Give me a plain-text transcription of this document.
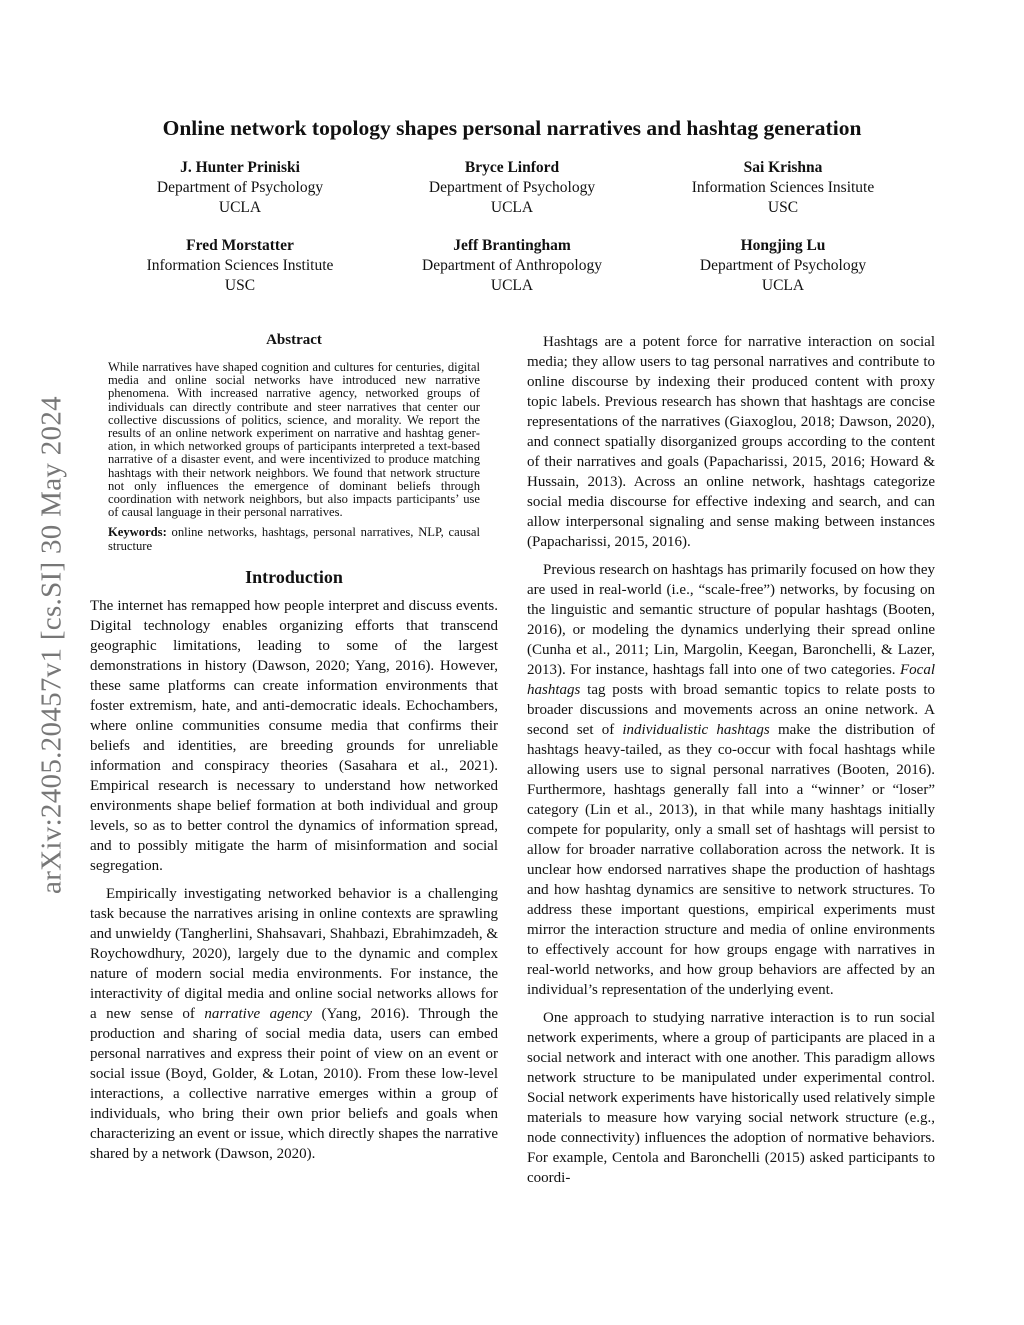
Online network topology shapes personal narratives and hashtag generation
J. Hunter Priniski
Department of Psychology
UCLA
Bryce Linford
Department of Psychology
UCLA
Sai Krishna
Information Sciences Insitute
USC
Fred Morstatter
Information Sciences Institute
USC
Jeff Brantingham
Department of Anthropology
UCLA
Hongjing Lu
Department of Psychology
UCLA
arXiv:2405.20457v1 [cs.SI] 30 May 2024
Abstract
While narratives have shaped cognition and cultures for centuries, digital media and online social networks have introduced new narrative phenomena. With increased narrative agency, networked groups of individuals can directly contribute and steer narratives that center our collective discussions of politics, science, and morality. We report the results of an online network experiment on narrative and hashtag generation, in which networked groups of participants interpreted a text-based narrative of a disaster event, and were incentivized to produce matching hashtags with their network neighbors. We found that network structure not only influences the emergence of dominant beliefs through coordination with network neighbors, but also impacts participants’ use of causal language in their personal narratives.
Keywords: online networks, hashtags, personal narratives, NLP, causal structure
Introduction

The internet has remapped how people interpret and discuss events. Digital technology enables organizing efforts that transcend geographic limitations, leading to some of the largest demonstrations in history (Dawson, 2020; Yang, 2016). However, these same platforms can create information environments that foster extremism, hate, and anti-democratic ideals. Echochambers, where online communities consume media that confirms their beliefs and identities, are breeding grounds for unreliable information and conspiracy theories (Sasahara et al., 2021). Empirical research is necessary to understand how networked environments shape belief formation at both individual and group levels, so as to better control the dynamics of information spread, and to possibly mitigate the harm of misinformation and social segregation.

Empirically investigating networked behavior is a challenging task because the narratives arising in online contexts are sprawling and unwieldy (Tangherlini, Shahsavari, Shahbazi, Ebrahimzadeh, & Roychowdhury, 2020), largely due to the dynamic and complex nature of modern social media environments. For instance, the interactivity of digital media and online social networks allows for a new sense of narrative agency (Yang, 2016). Through the production and sharing of social media data, users can embed personal narratives and express their point of view on an event or social issue (Boyd, Golder, & Lotan, 2010). From these low-level interactions, a collective narrative emerges within a group of individuals, who bring their own prior beliefs and goals when characterizing an event or issue, which directly shapes the narrative shared by a network (Dawson, 2020).

Hashtags are a potent force for narrative interaction on social media; they allow users to tag personal narratives and contribute to online discourse by indexing their produced content with proxy topic labels. Previous research has shown that hashtags are concise representations of the narratives (Giaxoglou, 2018; Dawson, 2020), and connect spatially disorganized groups according to the content of their narratives and goals (Papacharissi, 2015, 2016; Howard & Hussain, 2013). Across an online network, hashtags categorize social media discourse for effective indexing and search, and can allow interpersonal signaling and sense making between instances (Papacharissi, 2015, 2016).

Previous research on hashtags has primarily focused on how they are used in real-world (i.e., “scale-free”) networks, by focusing on the linguistic and semantic structure of popular hashtags (Booten, 2016), or modeling the dynamics underlying their spread online (Cunha et al., 2011; Lin, Margolin, Keegan, Baronchelli, & Lazer, 2013). For instance, hashtags fall into one of two categories. Focal hashtags tag posts with broad semantic topics to relate posts to broader discussions and movements across an onine network. A second set of individualistic hashtags make the distribution of hashtags heavy-tailed, as they co-occur with focal hashtags while allowing users use to signal personal narratives (Booten, 2016). Furthermore, hashtags generally fall into a “winner’ or “loser” category (Lin et al., 2013), in that while many hashtags initially compete for popularity, only a small set of hashtags will persist to allow for broader narrative collaboration across the network. It is unclear how endorsed narratives shape the production of hashtags and how hashtag dynamics are sensitive to network structures. To address these important questions, empirical experiments must mirror the interaction structure and media of online environments to effectively account for how groups engage with narratives in real-world networks, and how group behaviors are affected by an individual’s representation of the underlying event.

One approach to studying narrative interaction is to run social network experiments, where a group of participants are placed in a social network and interact with one another. This paradigm allows network structure to be manipulated under experimental control. Social network experiments have historically used relatively simple materials to measure how varying social network structure (e.g., node connectivity) influences the adoption of normative behaviors. For example, Centola and Baronchelli (2015) asked participants to coordi-
